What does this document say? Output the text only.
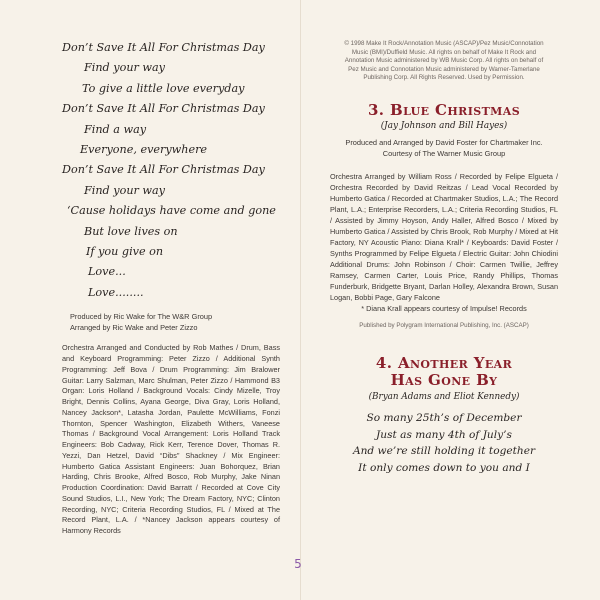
Don’t Save It All For Christmas Day
Find your way
To give a little love everyday
Don’t Save It All For Christmas Day
Find a way
Everyone, everywhere
Don’t Save It All For Christmas Day
Find your way
‘Cause holidays have come and gone
But love lives on
If you give on
Love...
Love........
Produced by Ric Wake for The W&R Group
Arranged by Ric Wake and Peter Zizzo
Orchestra Arranged and Conducted by Rob Mathes / Drum, Bass and Keyboard Programming: Peter Zizzo / Additional Synth Programming: Jeff Bova / Drum Programming: Jim Bralower Guitar: Larry Salzman, Marc Shulman, Peter Zizzo / Hammond B3 Organ: Loris Holland / Background Vocals: Cindy Mizelle, Troy Bright, Dennis Collins, Ayana George, Diva Gray, Loris Holland, Nancey Jackson*, Latasha Jordan, Paulette McWilliams, Fonzi Thornton, Spencer Washington, Elizabeth Withers, Vaneese Thomas / Background Vocal Arrangement: Loris Holland Track Engineers: Bob Cadway, Rick Kerr, Terence Dover, Thomas R. Yezzi, Dan Hetzel, David “Dibs” Shackney / Mix Engineer: Humberto Gatica Assistant Engineers: Juan Bohorquez, Brian Harding, Chris Brooke, Alfred Bosco, Rob Murphy, Jake Ninan Production Coordination: David Barratt / Recorded at Cove City Sound Studios, L.I., New York; The Dream Factory, NYC; Clinton Recording, NYC; Criteria Recording Studios, FL / Mixed at The Record Plant, L.A. / *Nancey Jackson appears courtesy of Harmony Records
© 1998 Make It Rock/Annotation Music (ASCAP)/Pez Music/Connotation Music (BMI)/Duffield Music. All rights on behalf of Make It Rock and Annotation Music administered by WB Music Corp. All rights on behalf of Pez Music and Connotation Music administered by Warner-Tamerlane Publishing Corp. All Rights Reserved. Used by Permission.
3. Blue Christmas
(Jay Johnson and Bill Hayes)
Produced and Arranged by David Foster for Chartmaker Inc.
Courtesy of The Warner Music Group
Orchestra Arranged by William Ross / Recorded by Felipe Elgueta / Orchestra Recorded by David Reitzas / Lead Vocal Recorded by Humberto Gatica / Recorded at Chartmaker Studios, L.A.; The Record Plant, L.A.; Enterprise Recorders, L.A.; Criteria Recording Studios, FL / Assisted by Jimmy Hoyson, Andy Haller, Alfred Bosco / Mixed by Humberto Gatica / Assisted by Chris Brook, Rob Murphy / Mixed at Hit Factory, NY Acoustic Piano: Diana Krall* / Keyboards: David Foster / Synths Programmed by Felipe Elgueta / Electric Guitar: John Chiodini Additional Drums: John Robinson / Choir: Carmen Twillie, Jeffrey Ramsey, Carmen Carter, Louis Price, Randy Phillips, Thomas Funderburk, Bridgette Bryant, Darlan Holley, Alexandra Brown, Susan Logan, Bobbi Page, Gary Falcone
* Diana Krall appears courtesy of Impulse! Records
Published by Polygram International Publishing, Inc. (ASCAP)
4. Another Year
Has Gone By
(Bryan Adams and Eliot Kennedy)
So many 25th’s of December
Just as many 4th of July’s
And we’re still holding it together
It only comes down to you and I
5
